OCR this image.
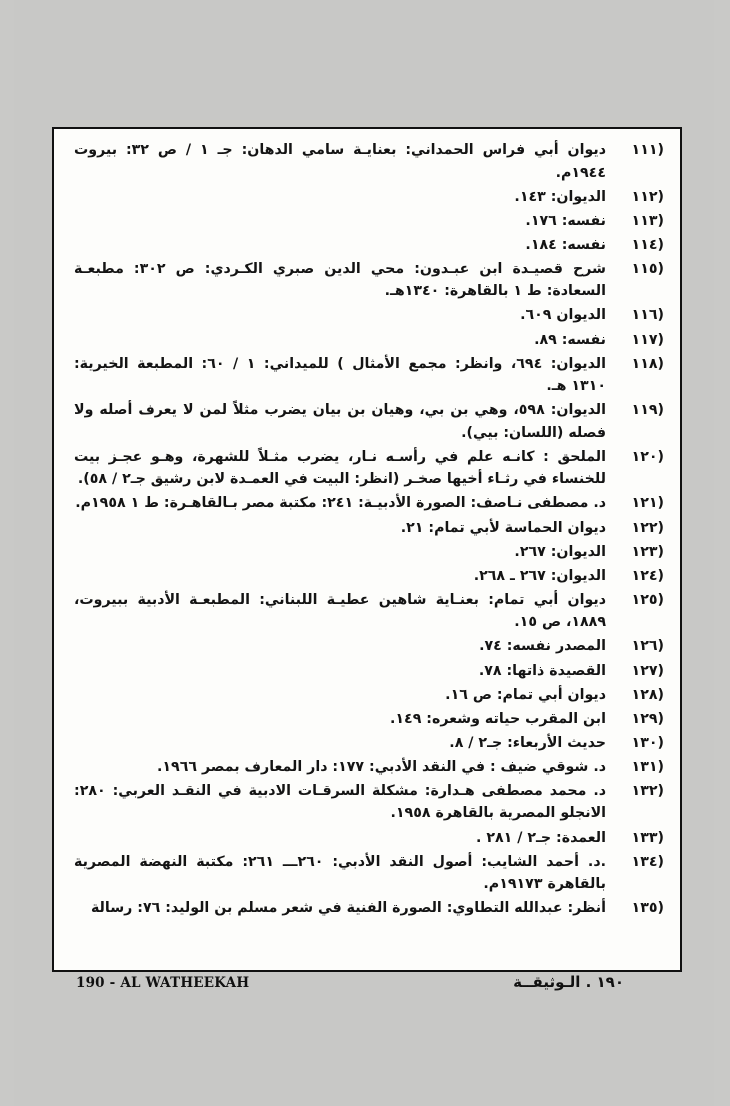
(١١١
ديوان أبي فراس الحمداني: بعنايـة سامي الدهان: جـ ١ / ص ٣٢: بيروت ١٩٤٤م.
(١١٢
الديوان: ١٤٣.
(١١٣
نفسه: ١٧٦.
(١١٤
نفسه: ١٨٤.
(١١٥
شرح قصيـدة ابن عبـدون: محي الدين صبري الكـردي: ص ٣٠٢: مطبعـة السعادة: ط ١ بالقاهرة: ١٣٤٠هـ.
(١١٦
الديوان ٦٠٩.
(١١٧
نفسه: ٨٩.
(١١٨
الديوان: ٦٩٤، وانظر: مجمع الأمثال ) للميداني: ١ / ٦٠: المطبعة الخيرية: ١٣١٠ هـ.
(١١٩
الديوان: ٥٩٨، وهي بن بي، وهيان بن بيان يضرب مثلاً لمن لا يعرف أصله ولا فصله (اللسان: بيي).
(١٢٠
الملحق : كانـه علم في رأسـه نـار، يضرب مثـلاً للشهرة، وهـو عجـز بيت للخنساء في رثـاء أخيها صخـر (انظر: البيت في العمـدة لابن رشيق جـ٢ / ٥٨).
(١٢١
د. مصطفى نـاصف: الصورة الأدبيـة: ٢٤١: مكتبة مصر بـالقاهـرة: ط ١ ١٩٥٨م.
(١٢٢
ديوان الحماسة لأبي تمام: ٢١.
(١٢٣
الديوان: ٢٦٧.
(١٢٤
الديوان: ٢٦٧ ـ ٢٦٨.
(١٢٥
ديوان أبي تمام: بعنـاية شاهين عطيـة اللبناني: المطبعـة الأدبية ببيروت، ١٨٨٩، ص ١٥.
(١٢٦
المصدر نفسه: ٧٤.
(١٢٧
القصيدة ذاتها: ٧٨.
(١٢٨
ديوان أبي تمام: ص ١٦.
(١٢٩
ابن المقرب حياته وشعره: ١٤٩.
(١٣٠
حديث الأربعاء: جـ٢ / ٨.
(١٣١
د. شوقي ضيف : في النقد الأدبي: ١٧٧: دار المعارف بمصر ١٩٦٦.
(١٣٢
د. محمد مصطفى هـدارة: مشكلة السرقـات الادبية في النقـد العربي: ٢٨٠: الانجلو المصرية بالقاهرة ١٩٥٨.
(١٣٣
العمدة: جـ٢ / ٢٨١ .
(١٣٤
.د. أحمد الشايب: أصول النقد الأدبي: ٢٦٠ـــ ٢٦١: مكتبة النهضة المصرية بالقاهرة ١٩١٧٣م.
(١٣٥
أنظر: عبدالله التطاوي: الصورة الفنية في شعر مسلم بن الوليد: ٧٦: رسالة
190 - AL WATHEEKAH	١٩٠ . الـوثيقــة
